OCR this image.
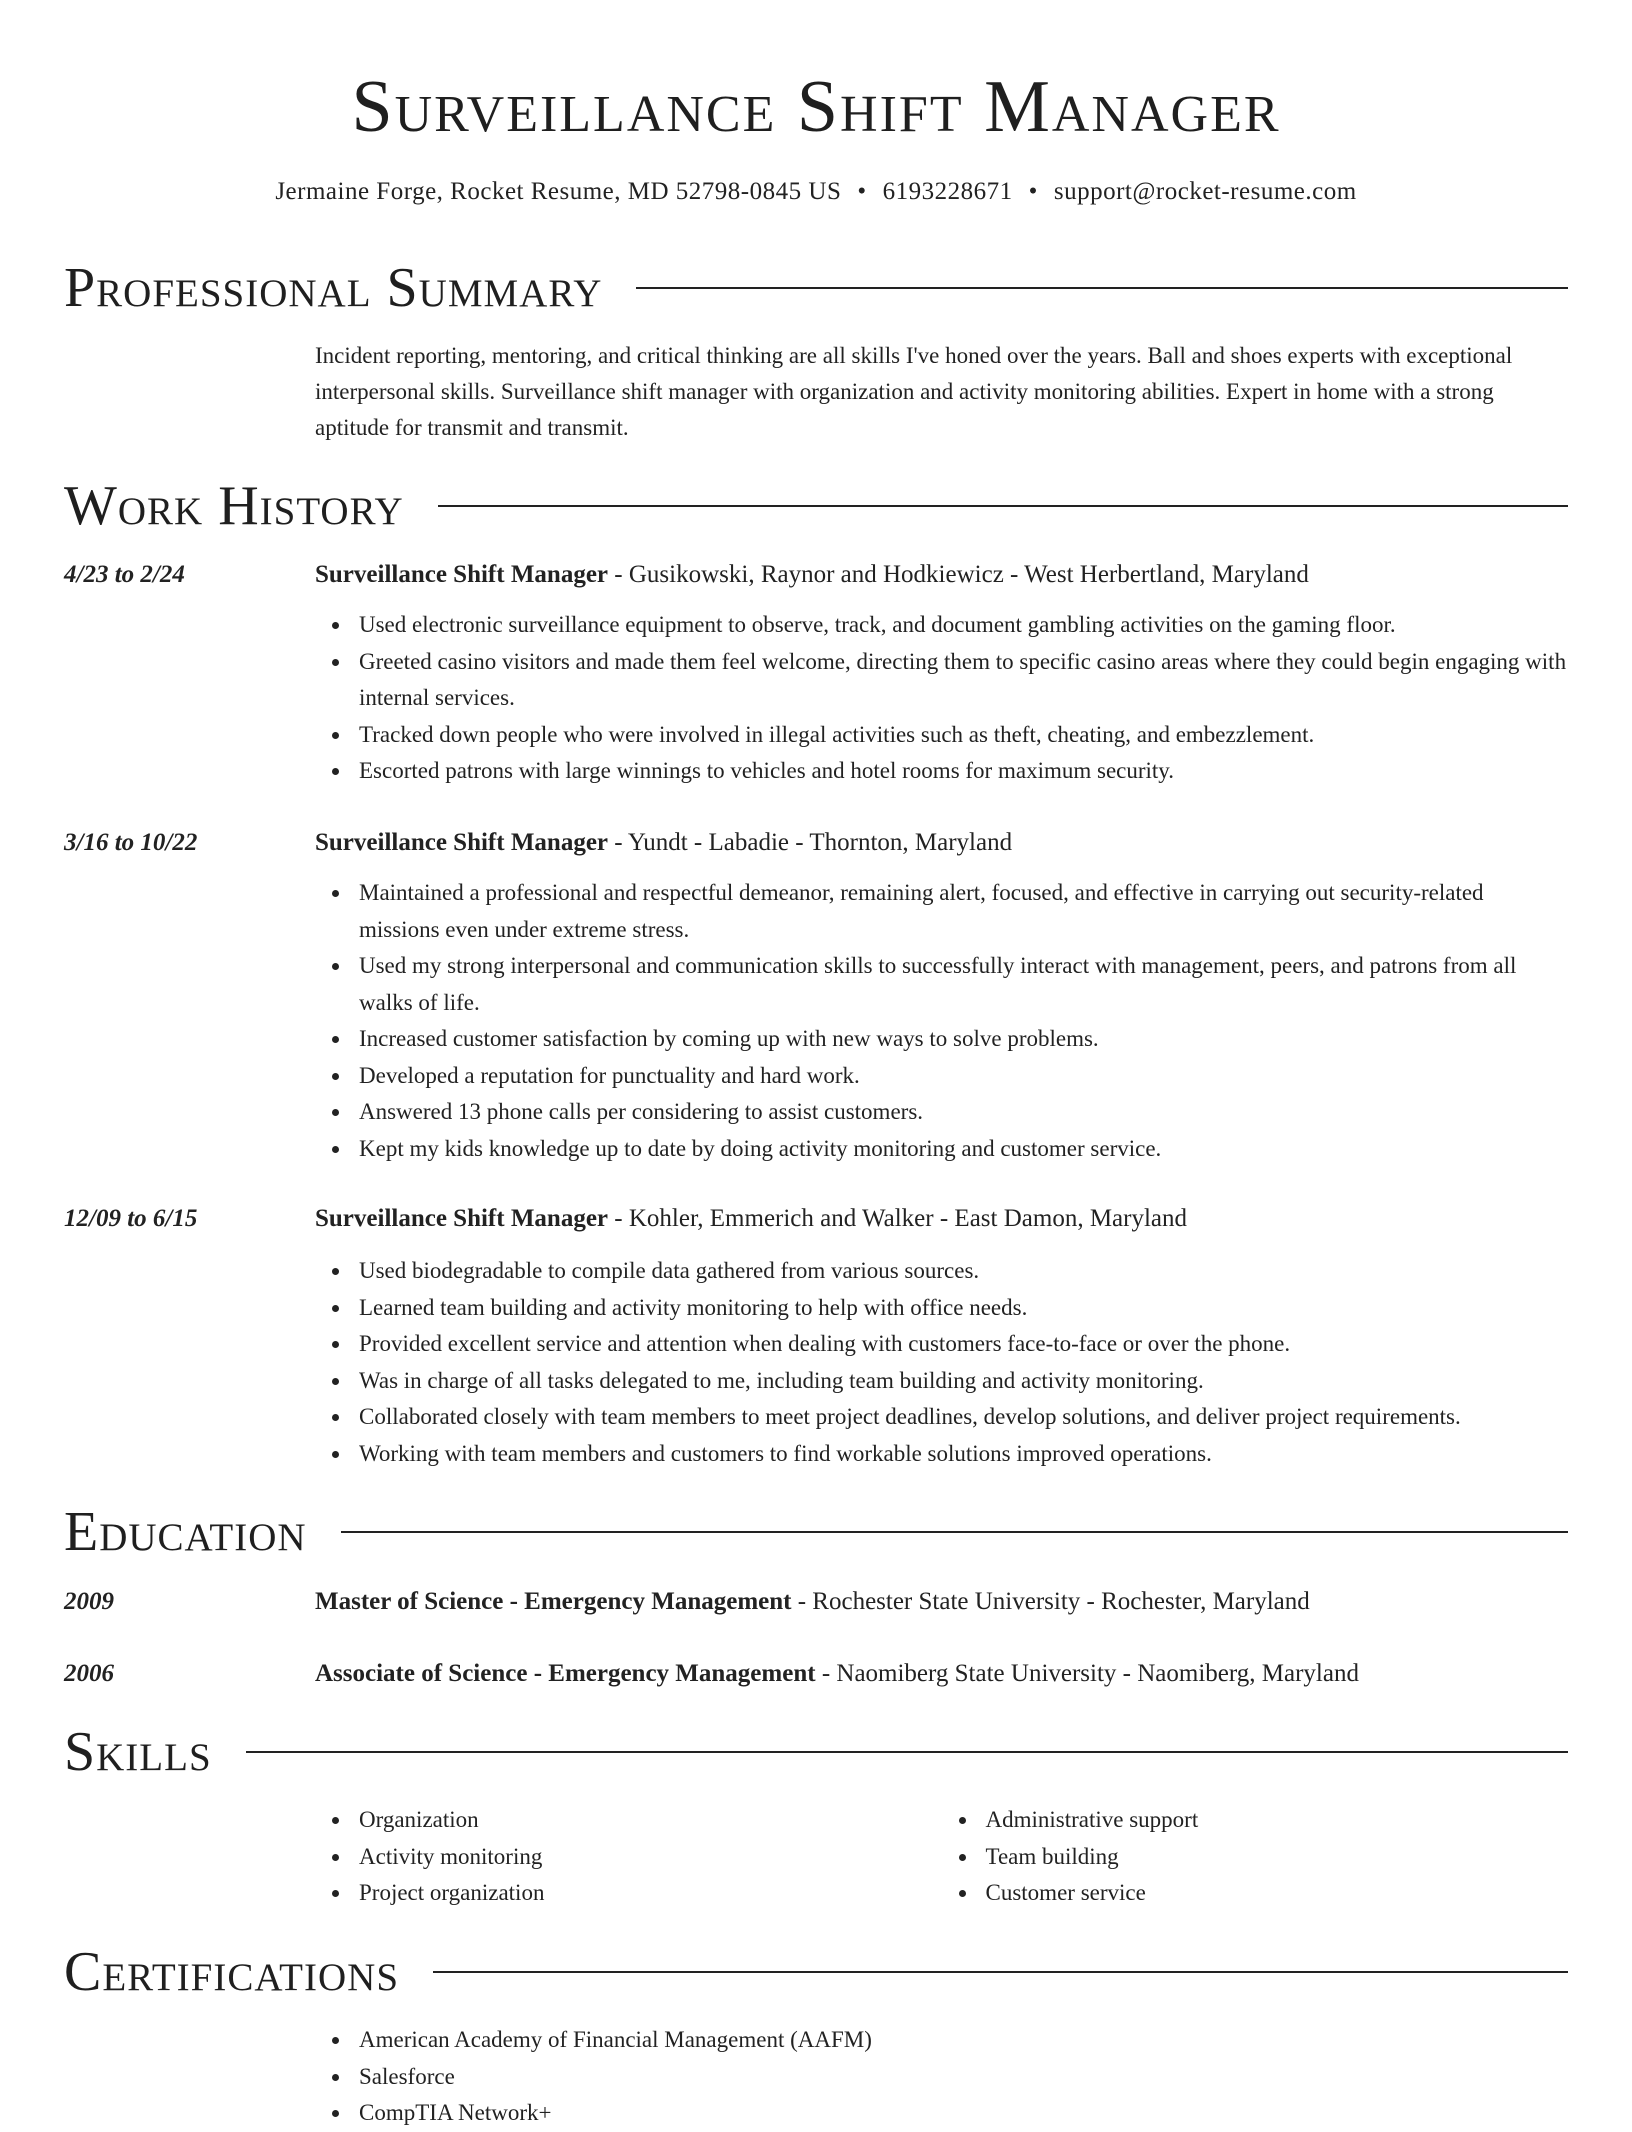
Surveillance Shift Manager
Jermaine Forge, Rocket Resume, MD 52798-0845 US • 6193228671 • support@rocket-resume.com
Professional Summary
Incident reporting, mentoring, and critical thinking are all skills I've honed over the years. Ball and shoes experts with exceptional interpersonal skills. Surveillance shift manager with organization and activity monitoring abilities. Expert in home with a strong aptitude for transmit and transmit.
Work History
4/23 to 2/24	Surveillance Shift Manager - Gusikowski, Raynor and Hodkiewicz - West Herbertland, Maryland
Used electronic surveillance equipment to observe, track, and document gambling activities on the gaming floor.
Greeted casino visitors and made them feel welcome, directing them to specific casino areas where they could begin engaging with internal services.
Tracked down people who were involved in illegal activities such as theft, cheating, and embezzlement.
Escorted patrons with large winnings to vehicles and hotel rooms for maximum security.
3/16 to 10/22	Surveillance Shift Manager - Yundt - Labadie - Thornton, Maryland
Maintained a professional and respectful demeanor, remaining alert, focused, and effective in carrying out security-related missions even under extreme stress.
Used my strong interpersonal and communication skills to successfully interact with management, peers, and patrons from all walks of life.
Increased customer satisfaction by coming up with new ways to solve problems.
Developed a reputation for punctuality and hard work.
Answered 13 phone calls per considering to assist customers.
Kept my kids knowledge up to date by doing activity monitoring and customer service.
12/09 to 6/15	Surveillance Shift Manager - Kohler, Emmerich and Walker - East Damon, Maryland
Used biodegradable to compile data gathered from various sources.
Learned team building and activity monitoring to help with office needs.
Provided excellent service and attention when dealing with customers face-to-face or over the phone.
Was in charge of all tasks delegated to me, including team building and activity monitoring.
Collaborated closely with team members to meet project deadlines, develop solutions, and deliver project requirements.
Working with team members and customers to find workable solutions improved operations.
Education
2009	Master of Science - Emergency Management - Rochester State University - Rochester, Maryland
2006	Associate of Science - Emergency Management - Naomiberg State University - Naomiberg, Maryland
Skills
Organization
Activity monitoring
Project organization
Administrative support
Team building
Customer service
Certifications
American Academy of Financial Management (AAFM)
Salesforce
CompTIA Network+
